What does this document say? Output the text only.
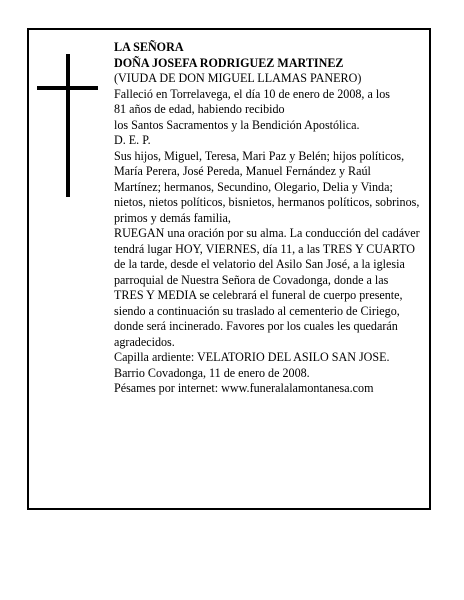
LA SEÑORA

DOÑA JOSEFA RODRIGUEZ MARTINEZ

(VIUDA DE DON MIGUEL LLAMAS PANERO)

Falleció en Torrelavega, el día 10 de enero de 2008, a los 81 años de edad, habiendo recibido

los Santos Sacramentos y la Bendición Apostólica.

D. E. P.

Sus hijos, Miguel, Teresa, Mari Paz y Belén; hijos políticos, María Perera, José Pereda, Manuel Fernández y Raúl Martínez; hermanos, Secundino, Olegario, Delia y Vinda; nietos, nietos políticos, bisnietos, hermanos políticos, sobrinos, primos y demás familia,

RUEGAN una oración por su alma. La conducción del cadáver tendrá lugar HOY, VIERNES, día 11, a las TRES Y CUARTO de la tarde, desde el velatorio del Asilo San José, a la iglesia parroquial de Nuestra Señora de Covadonga, donde a las TRES Y MEDIA se celebrará el funeral de cuerpo presente, siendo a continuación su traslado al cementerio de Ciriego, donde será incinerado. Favores por los cuales les quedarán agradecidos.

Capilla ardiente: VELATORIO DEL ASILO SAN JOSE.

Barrio Covadonga, 11 de enero de 2008.

Pésames por internet: www.funeralalamontanesa.com
